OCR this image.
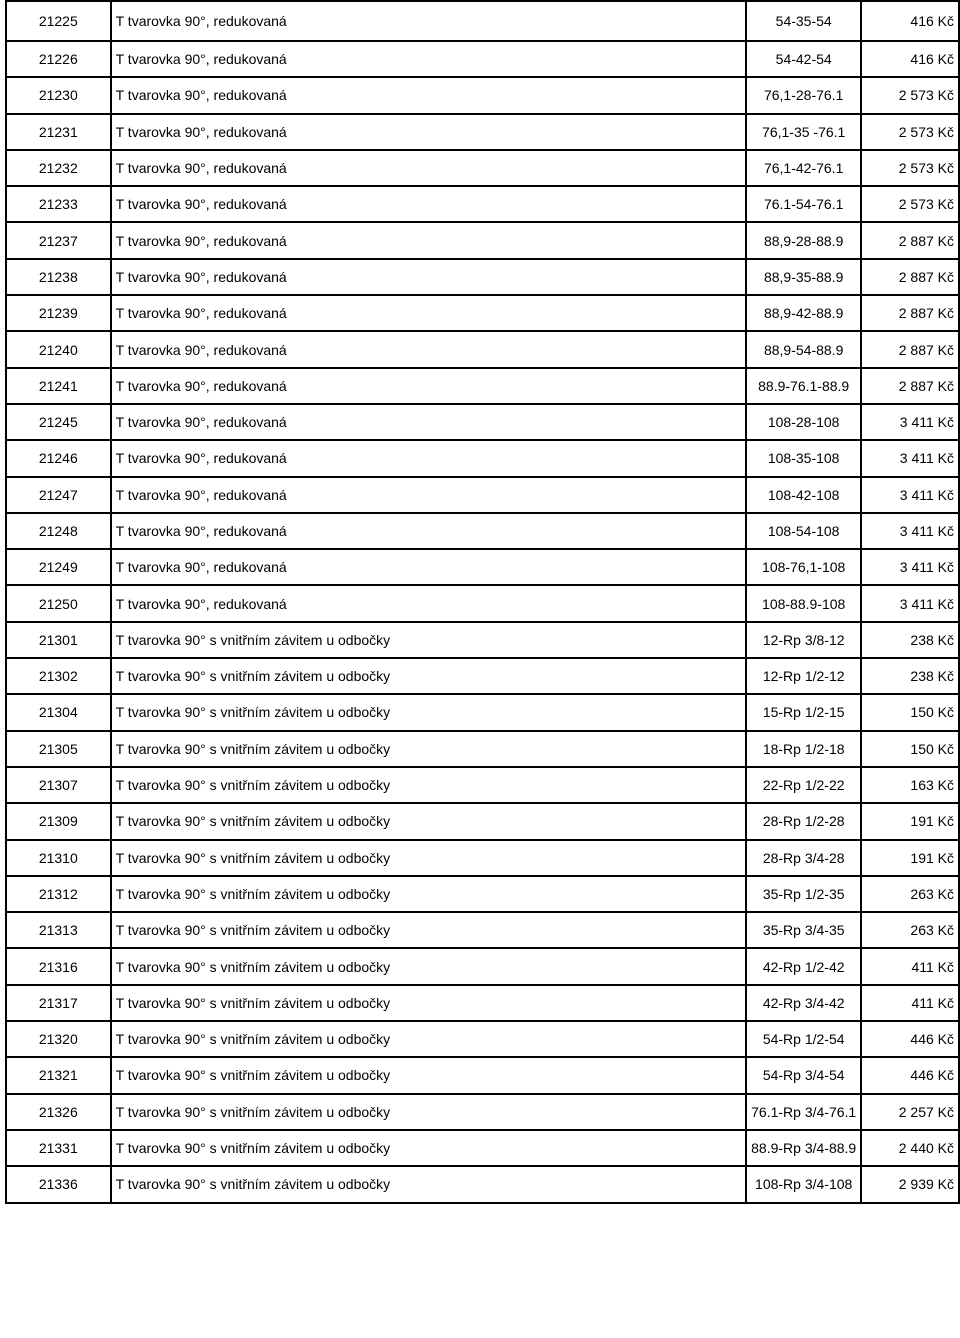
21225	T tvarovka 90°, redukovaná	54-35-54	416 Kč
21226	T tvarovka 90°, redukovaná	54-42-54	416 Kč
21230	T tvarovka 90°, redukovaná	76,1-28-76.1	2 573 Kč
21231	T tvarovka 90°, redukovaná	76,1-35 -76.1	2 573 Kč
21232	T tvarovka 90°, redukovaná	76,1-42-76.1	2 573 Kč
21233	T tvarovka 90°, redukovaná	76.1-54-76.1	2 573 Kč
21237	T tvarovka 90°, redukovaná	88,9-28-88.9	2 887 Kč
21238	T tvarovka 90°, redukovaná	88,9-35-88.9	2 887 Kč
21239	T tvarovka 90°, redukovaná	88,9-42-88.9	2 887 Kč
21240	T tvarovka 90°, redukovaná	88,9-54-88.9	2 887 Kč
21241	T tvarovka 90°, redukovaná	88.9-76.1-88.9	2 887 Kč
21245	T tvarovka 90°, redukovaná	108-28-108	3 411 Kč
21246	T tvarovka 90°, redukovaná	108-35-108	3 411 Kč
21247	T tvarovka 90°, redukovaná	108-42-108	3 411 Kč
21248	T tvarovka 90°, redukovaná	108-54-108	3 411 Kč
21249	T tvarovka 90°, redukovaná	108-76,1-108	3 411 Kč
21250	T tvarovka 90°, redukovaná	108-88.9-108	3 411 Kč
21301	T tvarovka 90° s vnitřním závitem u odbočky	12-Rp 3/8-12	238 Kč
21302	T tvarovka 90° s vnitřním závitem u odbočky	12-Rp 1/2-12	238 Kč
21304	T tvarovka 90° s vnitřním závitem u odbočky	15-Rp 1/2-15	150 Kč
21305	T tvarovka 90° s vnitřním závitem u odbočky	18-Rp 1/2-18	150 Kč
21307	T tvarovka 90° s vnitřním závitem u odbočky	22-Rp 1/2-22	163 Kč
21309	T tvarovka 90° s vnitřním závitem u odbočky	28-Rp 1/2-28	191 Kč
21310	T tvarovka 90° s vnitřním závitem u odbočky	28-Rp 3/4-28	191 Kč
21312	T tvarovka 90° s vnitřním závitem u odbočky	35-Rp 1/2-35	263 Kč
21313	T tvarovka 90° s vnitřním závitem u odbočky	35-Rp 3/4-35	263 Kč
21316	T tvarovka 90° s vnitřním závitem u odbočky	42-Rp 1/2-42	411 Kč
21317	T tvarovka 90° s vnitřním závitem u odbočky	42-Rp 3/4-42	411 Kč
21320	T tvarovka 90° s vnitřním závitem u odbočky	54-Rp 1/2-54	446 Kč
21321	T tvarovka 90° s vnitřním závitem u odbočky	54-Rp 3/4-54	446 Kč
21326	T tvarovka 90° s vnitřním závitem u odbočky	76.1-Rp 3/4-76.1	2 257 Kč
21331	T tvarovka 90° s vnitřním závitem u odbočky	88.9-Rp 3/4-88.9	2 440 Kč
21336	T tvarovka 90° s vnitřním závitem u odbočky	108-Rp 3/4-108	2 939 Kč
